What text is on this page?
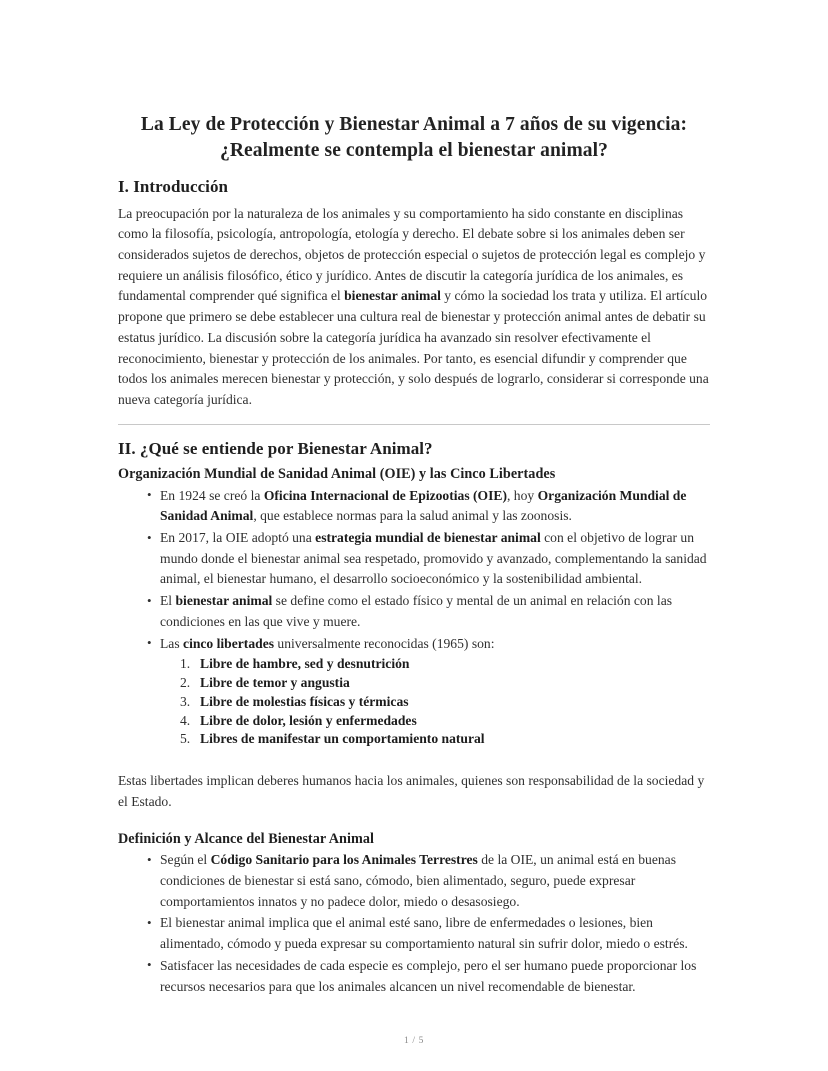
La Ley de Protección y Bienestar Animal a 7 años de su vigencia:
¿Realmente se contempla el bienestar animal?
I. Introducción

La preocupación por la naturaleza de los animales y su comportamiento ha sido constante en disciplinas como la filosofía, psicología, antropología, etología y derecho. El debate sobre si los animales deben ser considerados sujetos de derechos, objetos de protección especial o sujetos de protección legal es complejo y requiere un análisis filosófico, ético y jurídico. Antes de discutir la categoría jurídica de los animales, es fundamental comprender qué significa el bienestar animal y cómo la sociedad los trata y utiliza. El artículo propone que primero se debe establecer una cultura real de bienestar y protección animal antes de debatir su estatus jurídico. La discusión sobre la categoría jurídica ha avanzado sin resolver efectivamente el reconocimiento, bienestar y protección de los animales. Por tanto, es esencial difundir y comprender que todos los animales merecen bienestar y protección, y solo después de lograrlo, considerar si corresponde una nueva categoría jurídica.

II. ¿Qué se entiende por Bienestar Animal?
Organización Mundial de Sanidad Animal (OIE) y las Cinco Libertades
• En 1924 se creó la Oficina Internacional de Epizootias (OIE), hoy Organización Mundial de Sanidad Animal, que establece normas para la salud animal y las zoonosis.
• En 2017, la OIE adoptó una estrategia mundial de bienestar animal con el objetivo de lograr un mundo donde el bienestar animal sea respetado, promovido y avanzado, complementando la sanidad animal, el bienestar humano, el desarrollo socioeconómico y la sostenibilidad ambiental.
• El bienestar animal se define como el estado físico y mental de un animal en relación con las condiciones en las que vive y muere.
• Las cinco libertades universalmente reconocidas (1965) son:
1. Libre de hambre, sed y desnutrición
2. Libre de temor y angustia
3. Libre de molestias físicas y térmicas
4. Libre de dolor, lesión y enfermedades
5. Libres de manifestar un comportamiento natural

Estas libertades implican deberes humanos hacia los animales, quienes son responsabilidad de la sociedad y el Estado.

Definición y Alcance del Bienestar Animal
• Según el Código Sanitario para los Animales Terrestres de la OIE, un animal está en buenas condiciones de bienestar si está sano, cómodo, bien alimentado, seguro, puede expresar comportamientos innatos y no padece dolor, miedo o desasosiego.
• El bienestar animal implica que el animal esté sano, libre de enfermedades o lesiones, bien alimentado, cómodo y pueda expresar su comportamiento natural sin sufrir dolor, miedo o estrés.
• Satisfacer las necesidades de cada especie es complejo, pero el ser humano puede proporcionar los recursos necesarios para que los animales alcancen un nivel recomendable de bienestar.
1 / 5
